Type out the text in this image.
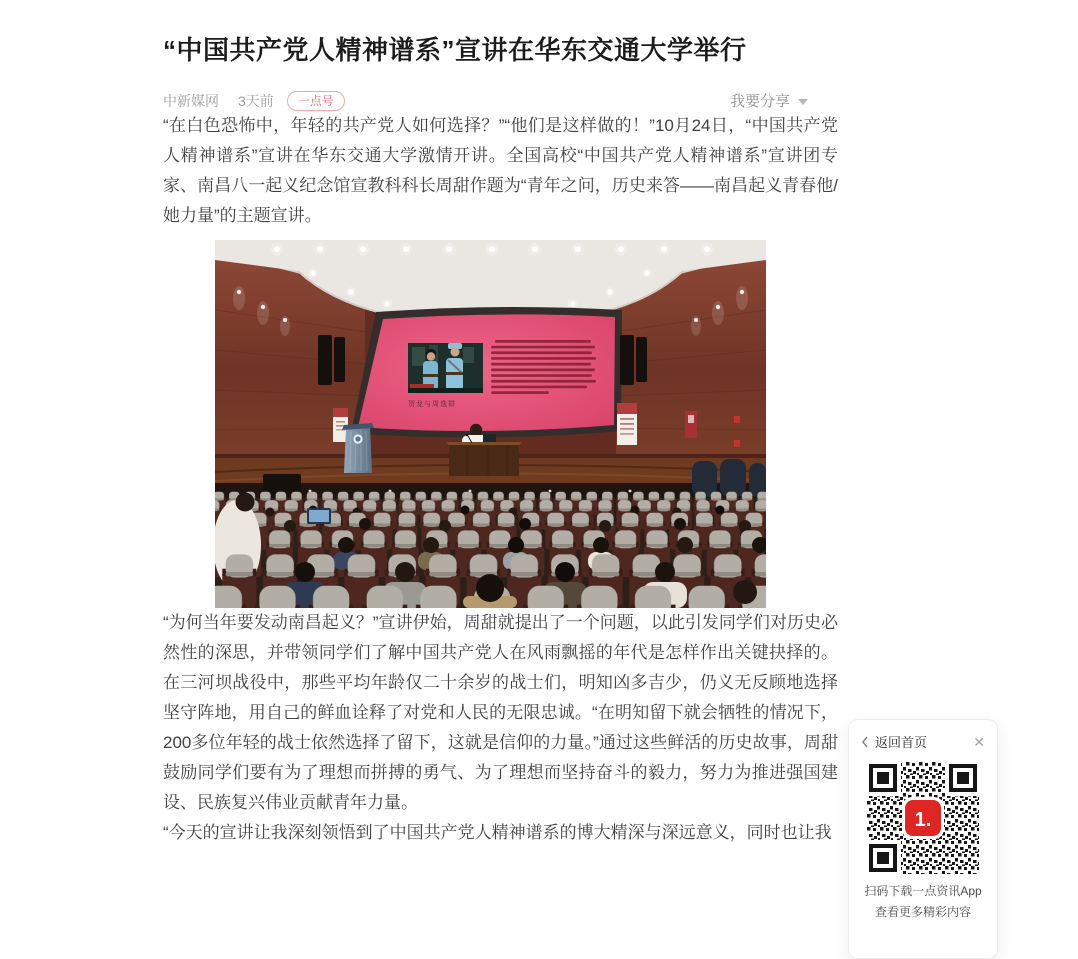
“中国共产党人精神谱系”宣讲在华东交通大学举行
中新媒网 3天前	一点号	我要分享

“在白色恐怖中，年轻的共产党人如何选择？”“他们是这样做的！”10月24日，“中国共产党人精神谱系”宣讲在华东交通大学激情开讲。全国高校“中国共产党人精神谱系”宣讲团专家、南昌八一起义纪念馆宣教科科长周甜作题为“青年之问，历史来答——南昌起义青春他/她力量”的主题宣讲。

贺龙与周逸群

“为何当年要发动南昌起义？”宣讲伊始，周甜就提出了一个问题，以此引发同学们对历史必然性的深思，并带领同学们了解中国共产党人在风雨飘摇的年代是怎样作出关键抉择的。在三河坝战役中，那些平均年龄仅二十余岁的战士们，明知凶多吉少，仍义无反顾地选择坚守阵地，用自己的鲜血诠释了对党和人民的无限忠诚。“在明知留下就会牺牲的情况下，200多位年轻的战士依然选择了留下，这就是信仰的力量。”通过这些鲜活的历史故事，周甜鼓励同学们要有为了理想而拼搏的勇气、为了理想而坚持奋斗的毅力，努力为推进强国建设、民族复兴伟业贡献青年力量。

“今天的宣讲让我深刻领悟到了中国共产党人精神谱系的博大精深与深远意义，同时也让我

返回首页	✕
1.
扫码下载一点资讯App
查看更多精彩内容
